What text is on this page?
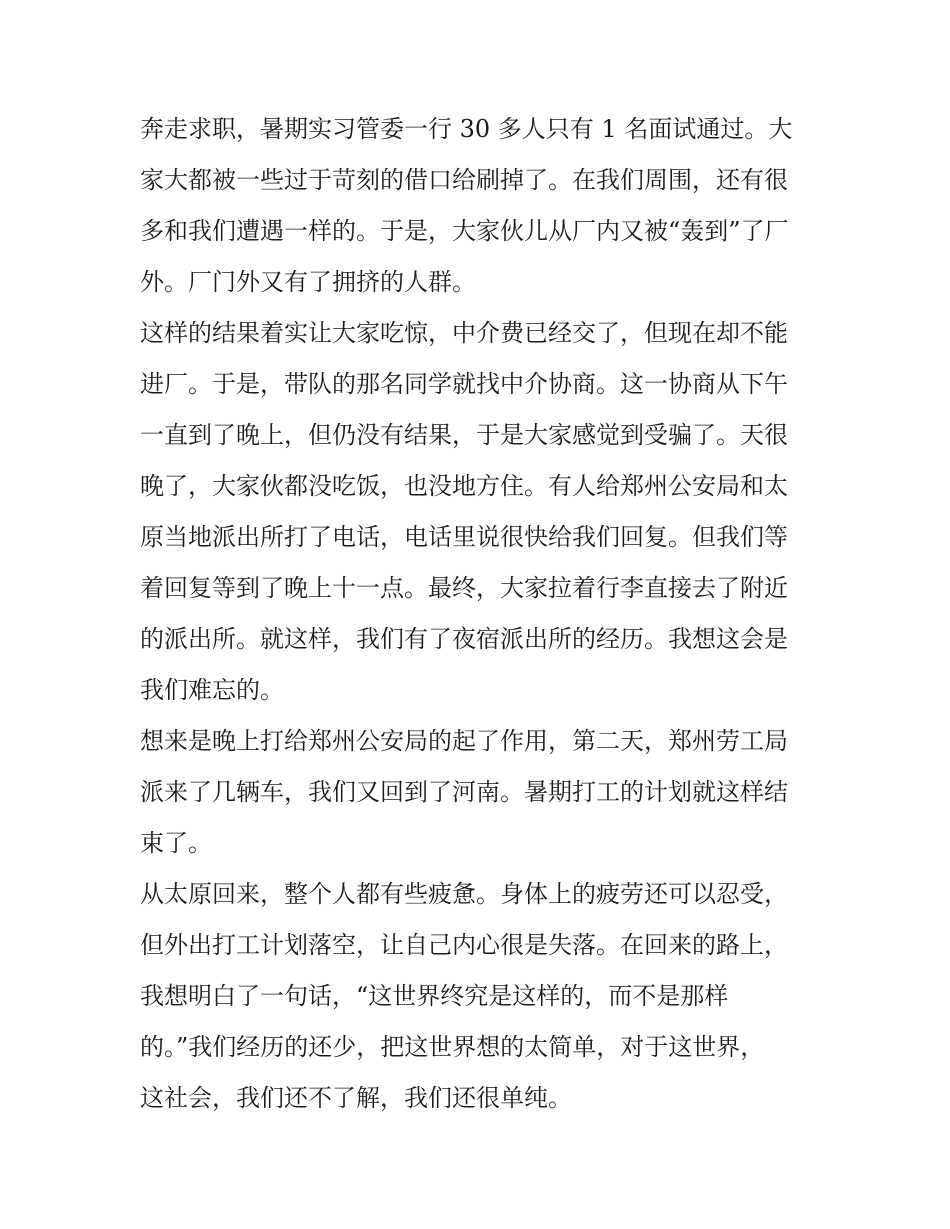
奔走求职，暑期实习管委一行 30 多人只有 1 名面试通过。大
家大都被一些过于苛刻的借口给刷掉了。在我们周围，还有很
多和我们遭遇一样的。于是，大家伙儿从厂内又被“轰到”了厂
外。厂门外又有了拥挤的人群。
这样的结果着实让大家吃惊，中介费已经交了，但现在却不能
进厂。于是，带队的那名同学就找中介协商。这一协商从下午
一直到了晚上，但仍没有结果，于是大家感觉到受骗了。天很
晚了，大家伙都没吃饭，也没地方住。有人给郑州公安局和太
原当地派出所打了电话，电话里说很快给我们回复。但我们等
着回复等到了晚上十一点。最终，大家拉着行李直接去了附近
的派出所。就这样，我们有了夜宿派出所的经历。我想这会是
我们难忘的。
想来是晚上打给郑州公安局的起了作用，第二天，郑州劳工局
派来了几辆车，我们又回到了河南。暑期打工的计划就这样结
束了。
从太原回来，整个人都有些疲惫。身体上的疲劳还可以忍受，
但外出打工计划落空，让自己内心很是失落。在回来的路上，
我想明白了一句话，“这世界终究是这样的，而不是那样
的。”我们经历的还少，把这世界想的太简单，对于这世界，
这社会，我们还不了解，我们还很单纯。
